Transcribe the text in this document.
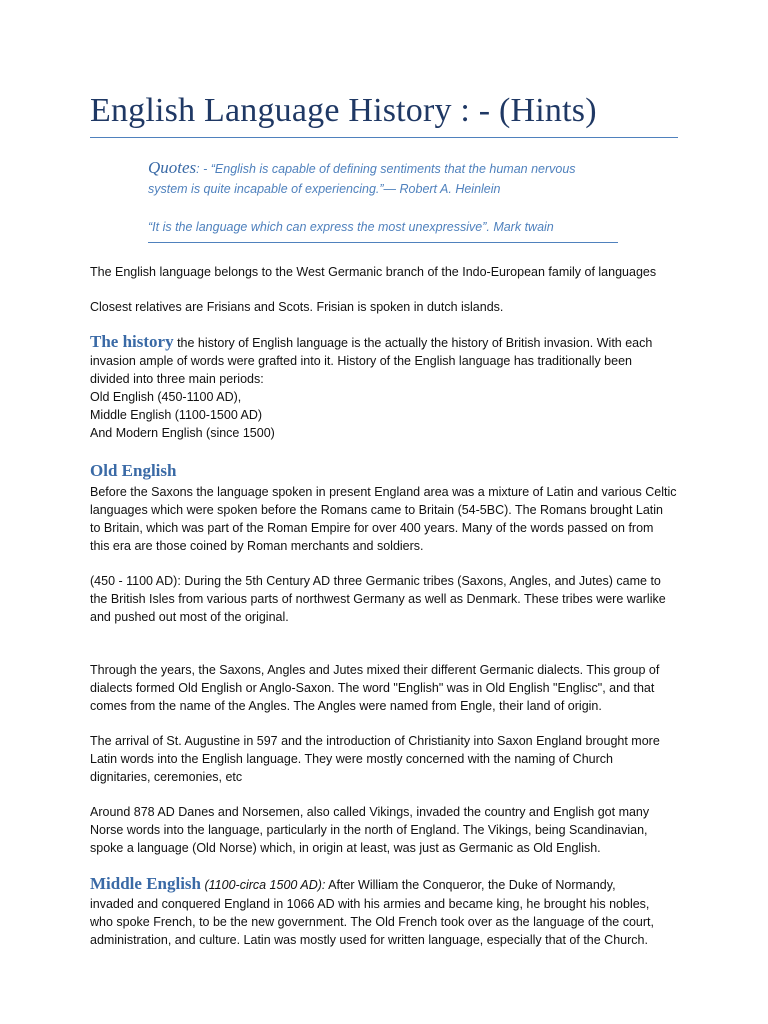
English Language History : - (Hints)

Quotes: - “English is capable of defining sentiments that the human nervous

system is quite incapable of experiencing.”— Robert A. Heinlein

“It is the language which can express the most unexpressive”. Mark twain

The English language belongs to the West Germanic branch of the Indo-European family of languages

Closest relatives are Frisians and Scots. Frisian is spoken in dutch islands.

The history the history of English language is the actually the history of British invasion. With each

invasion ample of words were grafted into it. History of the English language has traditionally been

divided into three main periods:

Old English (450-1100 AD),

Middle English (1100-1500 AD)

And Modern English (since 1500)

Old English

Before the Saxons the language spoken in present England area was a mixture of Latin and various Celtic

languages which were spoken before the Romans came to Britain (54-5BC). The Romans brought Latin

to Britain, which was part of the Roman Empire for over 400 years. Many of the words passed on from

this era are those coined by Roman merchants and soldiers.

(450 - 1100 AD): During the 5th Century AD three Germanic tribes (Saxons, Angles, and Jutes) came to

the British Isles from various parts of northwest Germany as well as Denmark. These tribes were warlike

and pushed out most of the original.

Through the years, the Saxons, Angles and Jutes mixed their different Germanic dialects. This group of

dialects formed Old English or Anglo-Saxon. The word "English" was in Old English "Englisc", and that

comes from the name of the Angles. The Angles were named from Engle, their land of origin.

The arrival of St. Augustine in 597 and the introduction of Christianity into Saxon England brought more

Latin words into the English language. They were mostly concerned with the naming of Church

dignitaries, ceremonies, etc

Around 878 AD Danes and Norsemen, also called Vikings, invaded the country and English got many

Norse words into the language, particularly in the north of England. The Vikings, being Scandinavian,

spoke a language (Old Norse) which, in origin at least, was just as Germanic as Old English.

Middle English (1100-circa 1500 AD): After William the Conqueror, the Duke of Normandy,

invaded and conquered England in 1066 AD with his armies and became king, he brought his nobles,

who spoke French, to be the new government. The Old French took over as the language of the court,

administration, and culture. Latin was mostly used for written language, especially that of the Church.
